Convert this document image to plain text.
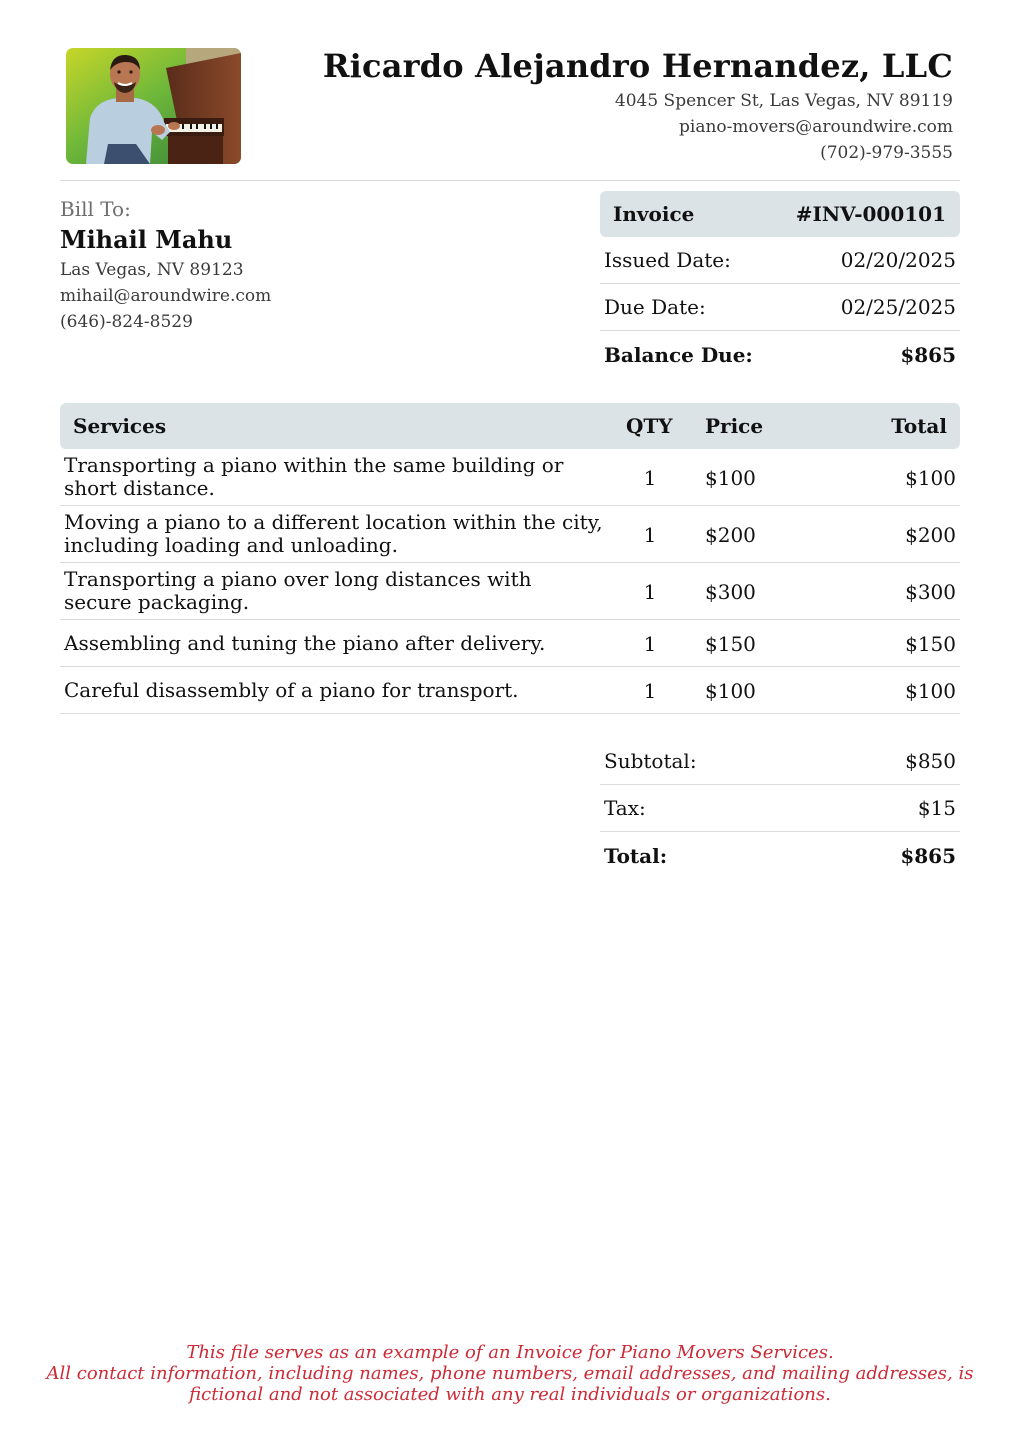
Ricardo Alejandro Hernandez, LLC
4045 Spencer St, Las Vegas, NV 89119
piano-movers@aroundwire.com
(702)-979-3555
Bill To:
Mihail Mahu
Las Vegas, NV 89123
mihail@aroundwire.com
(646)-824-8529
Invoice	#INV-000101
Issued Date:	02/20/2025
Due Date:	02/25/2025
Balance Due:	$865
Services	QTY Price	Total
Transporting a piano within the same building or short distance.	1	$100	$100
Moving a piano to a different location within the city, including loading and unloading.	1	$200	$200
Transporting a piano over long distances with secure packaging.	1	$300	$300
Assembling and tuning the piano after delivery.	1	$150	$150
Careful disassembly of a piano for transport.	1	$100	$100
Subtotal:	$850
Tax:	$15
Total:	$865
This file serves as an example of an Invoice for Piano Movers Services.
All contact information, including names, phone numbers, email addresses, and mailing addresses, is
fictional and not associated with any real individuals or organizations.
